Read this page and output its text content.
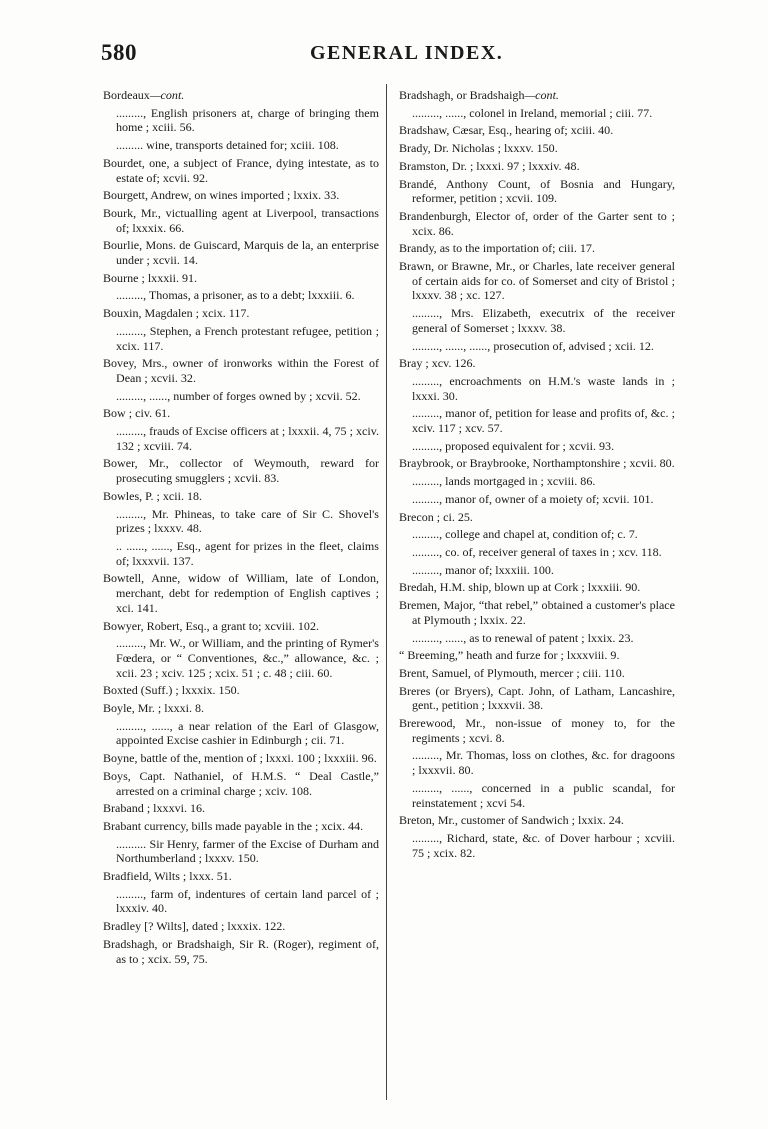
580	GENERAL INDEX.
Bordeaux—cont.

........., English prisoners at, charge of bringing them home ; xciii. 56.

......... wine, transports detained for; xciii. 108.

Bourdet, one, a subject of France, dying intestate, as to estate of; xcvii. 92.

Bourgett, Andrew, on wines imported ; lxxix. 33.

Bourk, Mr., victualling agent at Liverpool, transactions of; lxxxix. 66.

Bourlie, Mons. de Guiscard, Marquis de la, an enterprise under ; xcvii. 14.

Bourne ; lxxxii. 91.

........., Thomas, a prisoner, as to a debt; lxxxiii. 6.

Bouxin, Magdalen ; xcix. 117.

........., Stephen, a French protestant refugee, petition ; xcix. 117.

Bovey, Mrs., owner of ironworks within the Forest of Dean ; xcvii. 32.

........., ......, number of forges owned by ; xcvii. 52.

Bow ; civ. 61.

........., frauds of Excise officers at ; lxxxii. 4, 75 ; xciv. 132 ; xcviii. 74.

Bower, Mr., collector of Weymouth, reward for prosecuting smugglers ; xcvii. 83.

Bowles, P. ; xcii. 18.

........., Mr. Phineas, to take care of Sir C. Shovel's prizes ; lxxxv. 48.

.. ......, ......, Esq., agent for prizes in the fleet, claims of; lxxxvii. 137.

Bowtell, Anne, widow of William, late of London, merchant, debt for redemption of English captives ; xci. 141.

Bowyer, Robert, Esq., a grant to; xcviii. 102.

........., Mr. W., or William, and the printing of Rymer's Fœdera, or “ Conventiones, &c.,” allowance, &c. ; xcii. 23 ; xciv. 125 ; xcix. 51 ; c. 48 ; ciii. 60.

Boxted (Suff.) ; lxxxix. 150.

Boyle, Mr. ; lxxxi. 8.

........., ......, a near relation of the Earl of Glasgow, appointed Excise cashier in Edinburgh ; cii. 71.

Boyne, battle of the, mention of ; lxxxi. 100 ; lxxxiii. 96.

Boys, Capt. Nathaniel, of H.M.S. “ Deal Castle,” arrested on a criminal charge ; xciv. 108.

Braband ; lxxxvi. 16.

Brabant currency, bills made payable in the ; xcix. 44.

.......... Sir Henry, farmer of the Excise of Durham and Northumberland ; lxxxv. 150.

Bradfield, Wilts ; lxxx. 51.

........., farm of, indentures of certain land parcel of ; lxxxiv. 40.

Bradley [? Wilts], dated ; lxxxix. 122.

Bradshagh, or Bradshaigh, Sir R. (Roger), regiment of, as to ; xcix. 59, 75.

Bradshagh, or Bradshaigh—cont.

........., ......, colonel in Ireland, memorial ; ciii. 77.

Bradshaw, Cæsar, Esq., hearing of; xciii. 40.

Brady, Dr. Nicholas ; lxxxv. 150.

Bramston, Dr. ; lxxxi. 97 ; lxxxiv. 48.

Brandé, Anthony Count, of Bosnia and Hungary, reformer, petition ; xcvii. 109.

Brandenburgh, Elector of, order of the Garter sent to ; xcix. 86.

Brandy, as to the importation of; ciii. 17.

Brawn, or Brawne, Mr., or Charles, late receiver general of certain aids for co. of Somerset and city of Bristol ; lxxxv. 38 ; xc. 127.

........., Mrs. Elizabeth, executrix of the receiver general of Somerset ; lxxxv. 38.

........., ......, ......, prosecution of, advised ; xcii. 12.

Bray ; xcv. 126.

........., encroachments on H.M.'s waste lands in ; lxxxi. 30.

........., manor of, petition for lease and profits of, &c. ; xciv. 117 ; xcv. 57.

........., proposed equivalent for ; xcvii. 93.

Braybrook, or Braybrooke, Northamptonshire ; xcvii. 80.

........., lands mortgaged in ; xcviii. 86.

........., manor of, owner of a moiety of; xcvii. 101.

Brecon ; ci. 25.

........., college and chapel at, condition of; c. 7.

........., co. of, receiver general of taxes in ; xcv. 118.

........., manor of; lxxxiii. 100.

Bredah, H.M. ship, blown up at Cork ; lxxxiii. 90.

Bremen, Major, “that rebel,” obtained a customer's place at Plymouth ; lxxix. 22.

........., ......, as to renewal of patent ; lxxix. 23.

“ Breeming,” heath and furze for ; lxxxviii. 9.

Brent, Samuel, of Plymouth, mercer ; ciii. 110.

Breres (or Bryers), Capt. John, of Latham, Lancashire, gent., petition ; lxxxvii. 38.

Brerewood, Mr., non-issue of money to, for the regiments ; xcvi. 8.

........., Mr. Thomas, loss on clothes, &c. for dragoons ; lxxxvii. 80.

........., ......, concerned in a public scandal, for reinstatement ; xcvi 54.

Breton, Mr., customer of Sandwich ; lxxix. 24.

........., Richard, state, &c. of Dover harbour ; xcviii. 75 ; xcix. 82.
